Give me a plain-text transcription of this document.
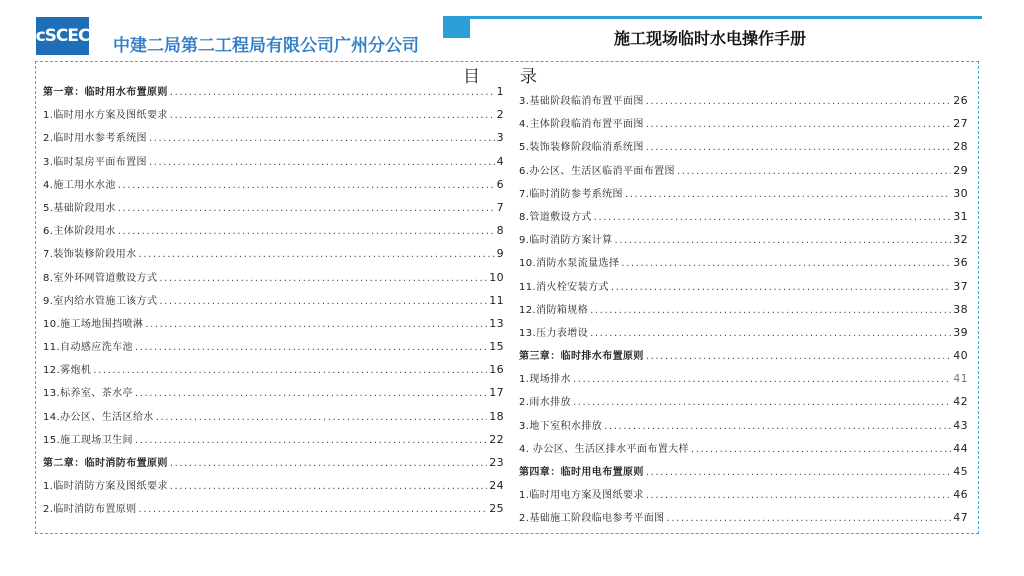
cSCEC 中建二局第二工程局有限公司广州分公司	施工现场临时水电操作手册
目 录
第一章：临时用水布置原则 .....	1
1.临时用水方案及图纸要求 .....	2
2.临时用水参考系统图 .....	3
3.临时泵房平面布置图 .....	4
4.施工用水水池 .....	6
5.基础阶段用水 .....	7
6.主体阶段用水 .....	8
7.装饰装修阶段用水 .....	9
8.室外环网管道敷设方式 .....	10
9.室内给水管施工该方式 .....	11
10.施工场地围挡喷淋 .....	13
11.自动感应洗车池 .....	15
12.雾炮机 .....	16
13.标养室、茶水亭 .....	17
14.办公区、生活区给水 .....	18
15.施工现场卫生间 .....	22
第二章：临时消防布置原则 .....	23
1.临时消防方案及图纸要求 .....	24
2.临时消防布置原则 .....	25
3.基础阶段临消布置平面图 .....	26
4.主体阶段临消布置平面图 .....	27
5.装饰装修阶段临消系统图 .....	28
6.办公区、生活区临消平面布置图 .....	29
7.临时消防参考系统图 .....	30
8.管道敷设方式 .....	31
9.临时消防方案计算 .....	32
10.消防水泵流量选择 .....	36
11.消火栓安装方式 .....	37
12.消防箱规格 .....	38
13.压力表增设 .....	39
第三章：临时排水布置原则 .....	40
1.现场排水 .....	41
2.雨水排放 .....	42
3.地下室积水排放 .....	43
4. 办公区、生活区排水平面布置大样 .....	44
第四章：临时用电布置原则 .....	45
1.临时用电方案及图纸要求 .....	46
2.基础施工阶段临电参考平面图 .....	47
